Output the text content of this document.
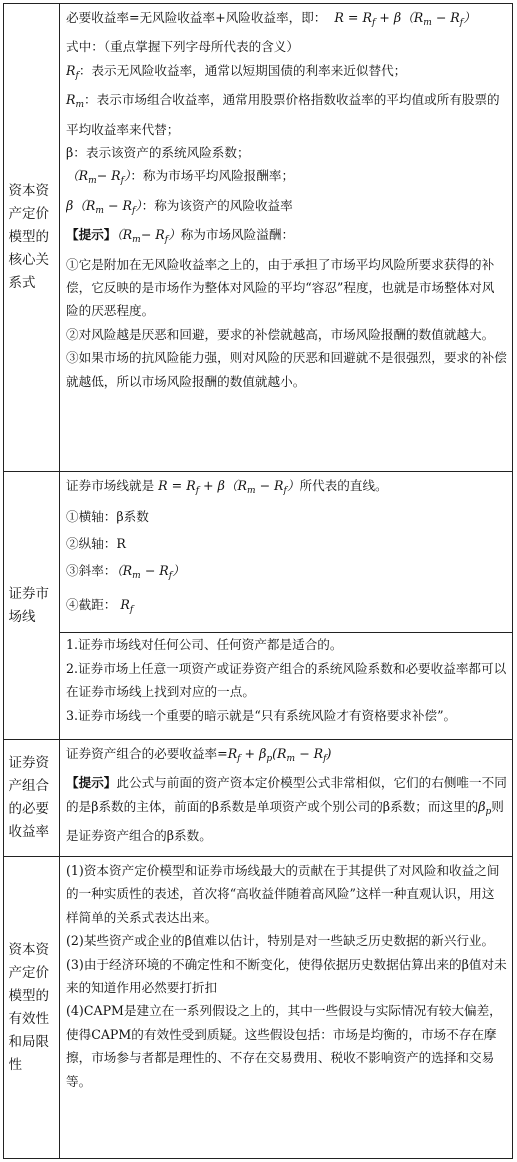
资本资产定价模型的核心关系式
必要收益率=无风险收益率+风险收益率，即：  $R = R_f + \beta(R_m - R_f)$
式中：（重点掌握下列字母所代表的含义）
$R_f$：表示无风险收益率，通常以短期国债的利率来近似替代；
$R_m$：表示市场组合收益率，通常用股票价格指数收益率的平均值或所有股票的平均收益率来代替；
β：表示该资产的系统风险系数；
$(R_m- R_f)$：称为市场平均风险报酬率；
$\beta(R_m - R_f)$：称为该资产的风险收益率
【提示】$(R_m- R_f)$称为市场风险溢酬：
①它是附加在无风险收益率之上的，由于承担了市场平均风险所要求获得的补偿，它反映的是市场作为整体对风险的平均“容忍”程度，也就是市场整体对风险的厌恶程度。
②对风险越是厌恶和回避，要求的补偿就越高，市场风险报酬的数值就越大。
③如果市场的抗风险能力强，则对风险的厌恶和回避就不是很强烈，要求的补偿就越低，所以市场风险报酬的数值就越小。
证券市场线
证券市场线就是 $R = R_f + \beta(R_m - R_f)$所代表的直线。
①横轴：β系数
②纵轴：R
③斜率：$(R_m - R_f)$
④截距： $R_f$
1.证券市场线对任何公司、任何资产都是适合的。
2.证券市场上任意一项资产或证券资产组合的系统风险系数和必要收益率都可以在证券市场线上找到对应的一点。
3.证券市场线一个重要的暗示就是“只有系统风险才有资格要求补偿”。
证券资产组合的必要收益率
证券资产组合的必要收益率$=R_f + \beta_p(R_m - R_f)$
【提示】此公式与前面的资产资本定价模型公式非常相似，它们的右侧唯一不同的是β系数的主体，前面的β系数是单项资产或个别公司的β系数；而这里的$\beta_p$则是证券资产组合的β系数。
资本资产定价模型的有效性和局限性
(1)资本资产定价模型和证券市场线最大的贡献在于其提供了对风险和收益之间的一种实质性的表述，首次将“高收益伴随着高风险”这样一种直观认识，用这样简单的关系式表达出来。
(2)某些资产或企业的β值难以估计，特别是对一些缺乏历史数据的新兴行业。
(3)由于经济环境的不确定性和不断变化，使得依据历史数据估算出来的β值对未来的知道作用必然要打折扣
(4)CAPM是建立在一系列假设之上的，其中一些假设与实际情况有较大偏差，使得CAPM的有效性受到质疑。这些假设包括：市场是均衡的，市场不存在摩擦，市场参与者都是理性的、不存在交易费用、税收不影响资产的选择和交易等。
